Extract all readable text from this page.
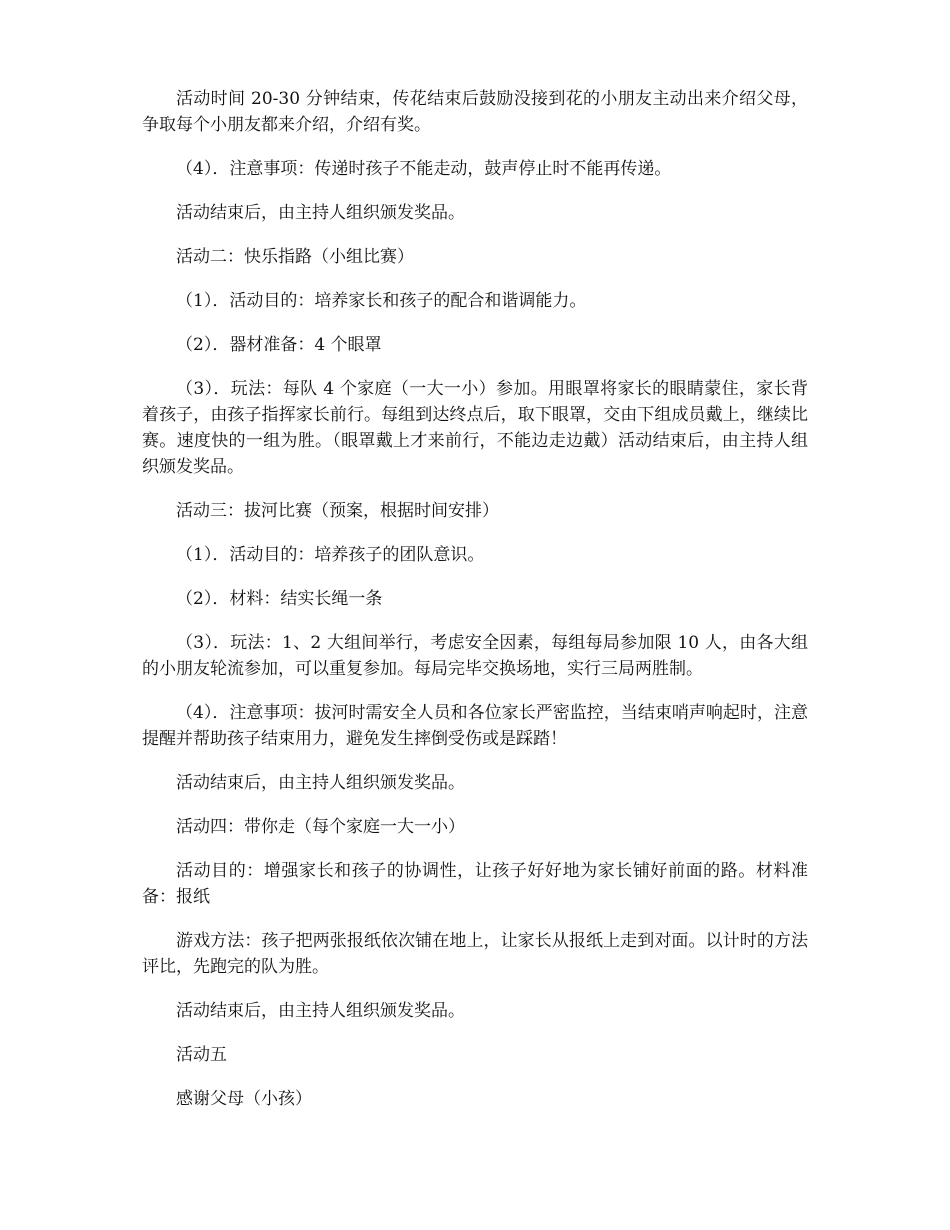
活动时间 20-30 分钟结束，传花结束后鼓励没接到花的小朋友主动出来介绍父母，争取每个小朋友都来介绍，介绍有奖。

（4）．注意事项：传递时孩子不能走动，鼓声停止时不能再传递。

活动结束后，由主持人组织颁发奖品。

活动二：快乐指路（小组比赛）

（1）．活动目的：培养家长和孩子的配合和谐调能力。

（2）．器材准备：4 个眼罩

（3）．玩法：每队 4 个家庭（一大一小）参加。用眼罩将家长的眼睛蒙住，家长背着孩子，由孩子指挥家长前行。每组到达终点后，取下眼罩，交由下组成员戴上，继续比赛。速度快的一组为胜。（眼罩戴上才来前行，不能边走边戴）活动结束后，由主持人组织颁发奖品。

活动三：拔河比赛（预案，根据时间安排）

（1）．活动目的：培养孩子的团队意识。

（2）．材料：结实长绳一条

（3）．玩法：1、2 大组间举行，考虑安全因素，每组每局参加限 10 人，由各大组的小朋友轮流参加，可以重复参加。每局完毕交换场地，实行三局两胜制。

（4）．注意事项：拔河时需安全人员和各位家长严密监控，当结束哨声响起时，注意提醒并帮助孩子结束用力，避免发生摔倒受伤或是踩踏！

活动结束后，由主持人组织颁发奖品。

活动四：带你走（每个家庭一大一小）

活动目的：增强家长和孩子的协调性，让孩子好好地为家长铺好前面的路。材料准备：报纸

游戏方法：孩子把两张报纸依次铺在地上，让家长从报纸上走到对面。以计时的方法评比，先跑完的队为胜。

活动结束后，由主持人组织颁发奖品。

活动五

感谢父母（小孩）
